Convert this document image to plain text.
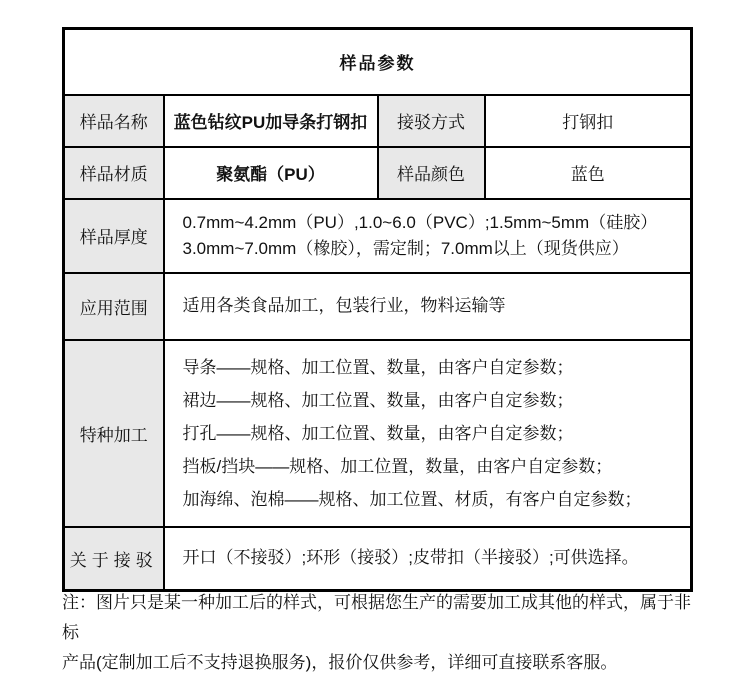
样品参数			
样品名称	蓝色钻纹PU加导条打钢扣	接驳方式	打钢扣
样品材质	聚氨酯（PU）	样品颜色	蓝色
样品厚度	0.7mm~4.2mm（PU）,1.0~6.0（PVC）;1.5mm~5mm（硅胶）
3.0mm~7.0mm（橡胶），需定制；7.0mm以上（现货供应）		

应用范围	适用各类食品加工，包装行业，物料运输等		

特种加工	导条——规格、加工位置、数量，由客户自定参数；
裙边——规格、加工位置、数量，由客户自定参数；
打孔——规格、加工位置、数量，由客户自定参数；
挡板/挡块——规格、加工位置，数量，由客户自定参数；
加海绵、泡棉——规格、加工位置、材质，有客户自定参数；		

关于接驳	开口（不接驳）;环形（接驳）;皮带扣（半接驳）;可供选择。		
注：图片只是某一种加工后的样式，可根据您生产的需要加工成其他的样式，属于非标
产品(定制加工后不支持退换服务)，报价仅供参考，详细可直接联系客服。
